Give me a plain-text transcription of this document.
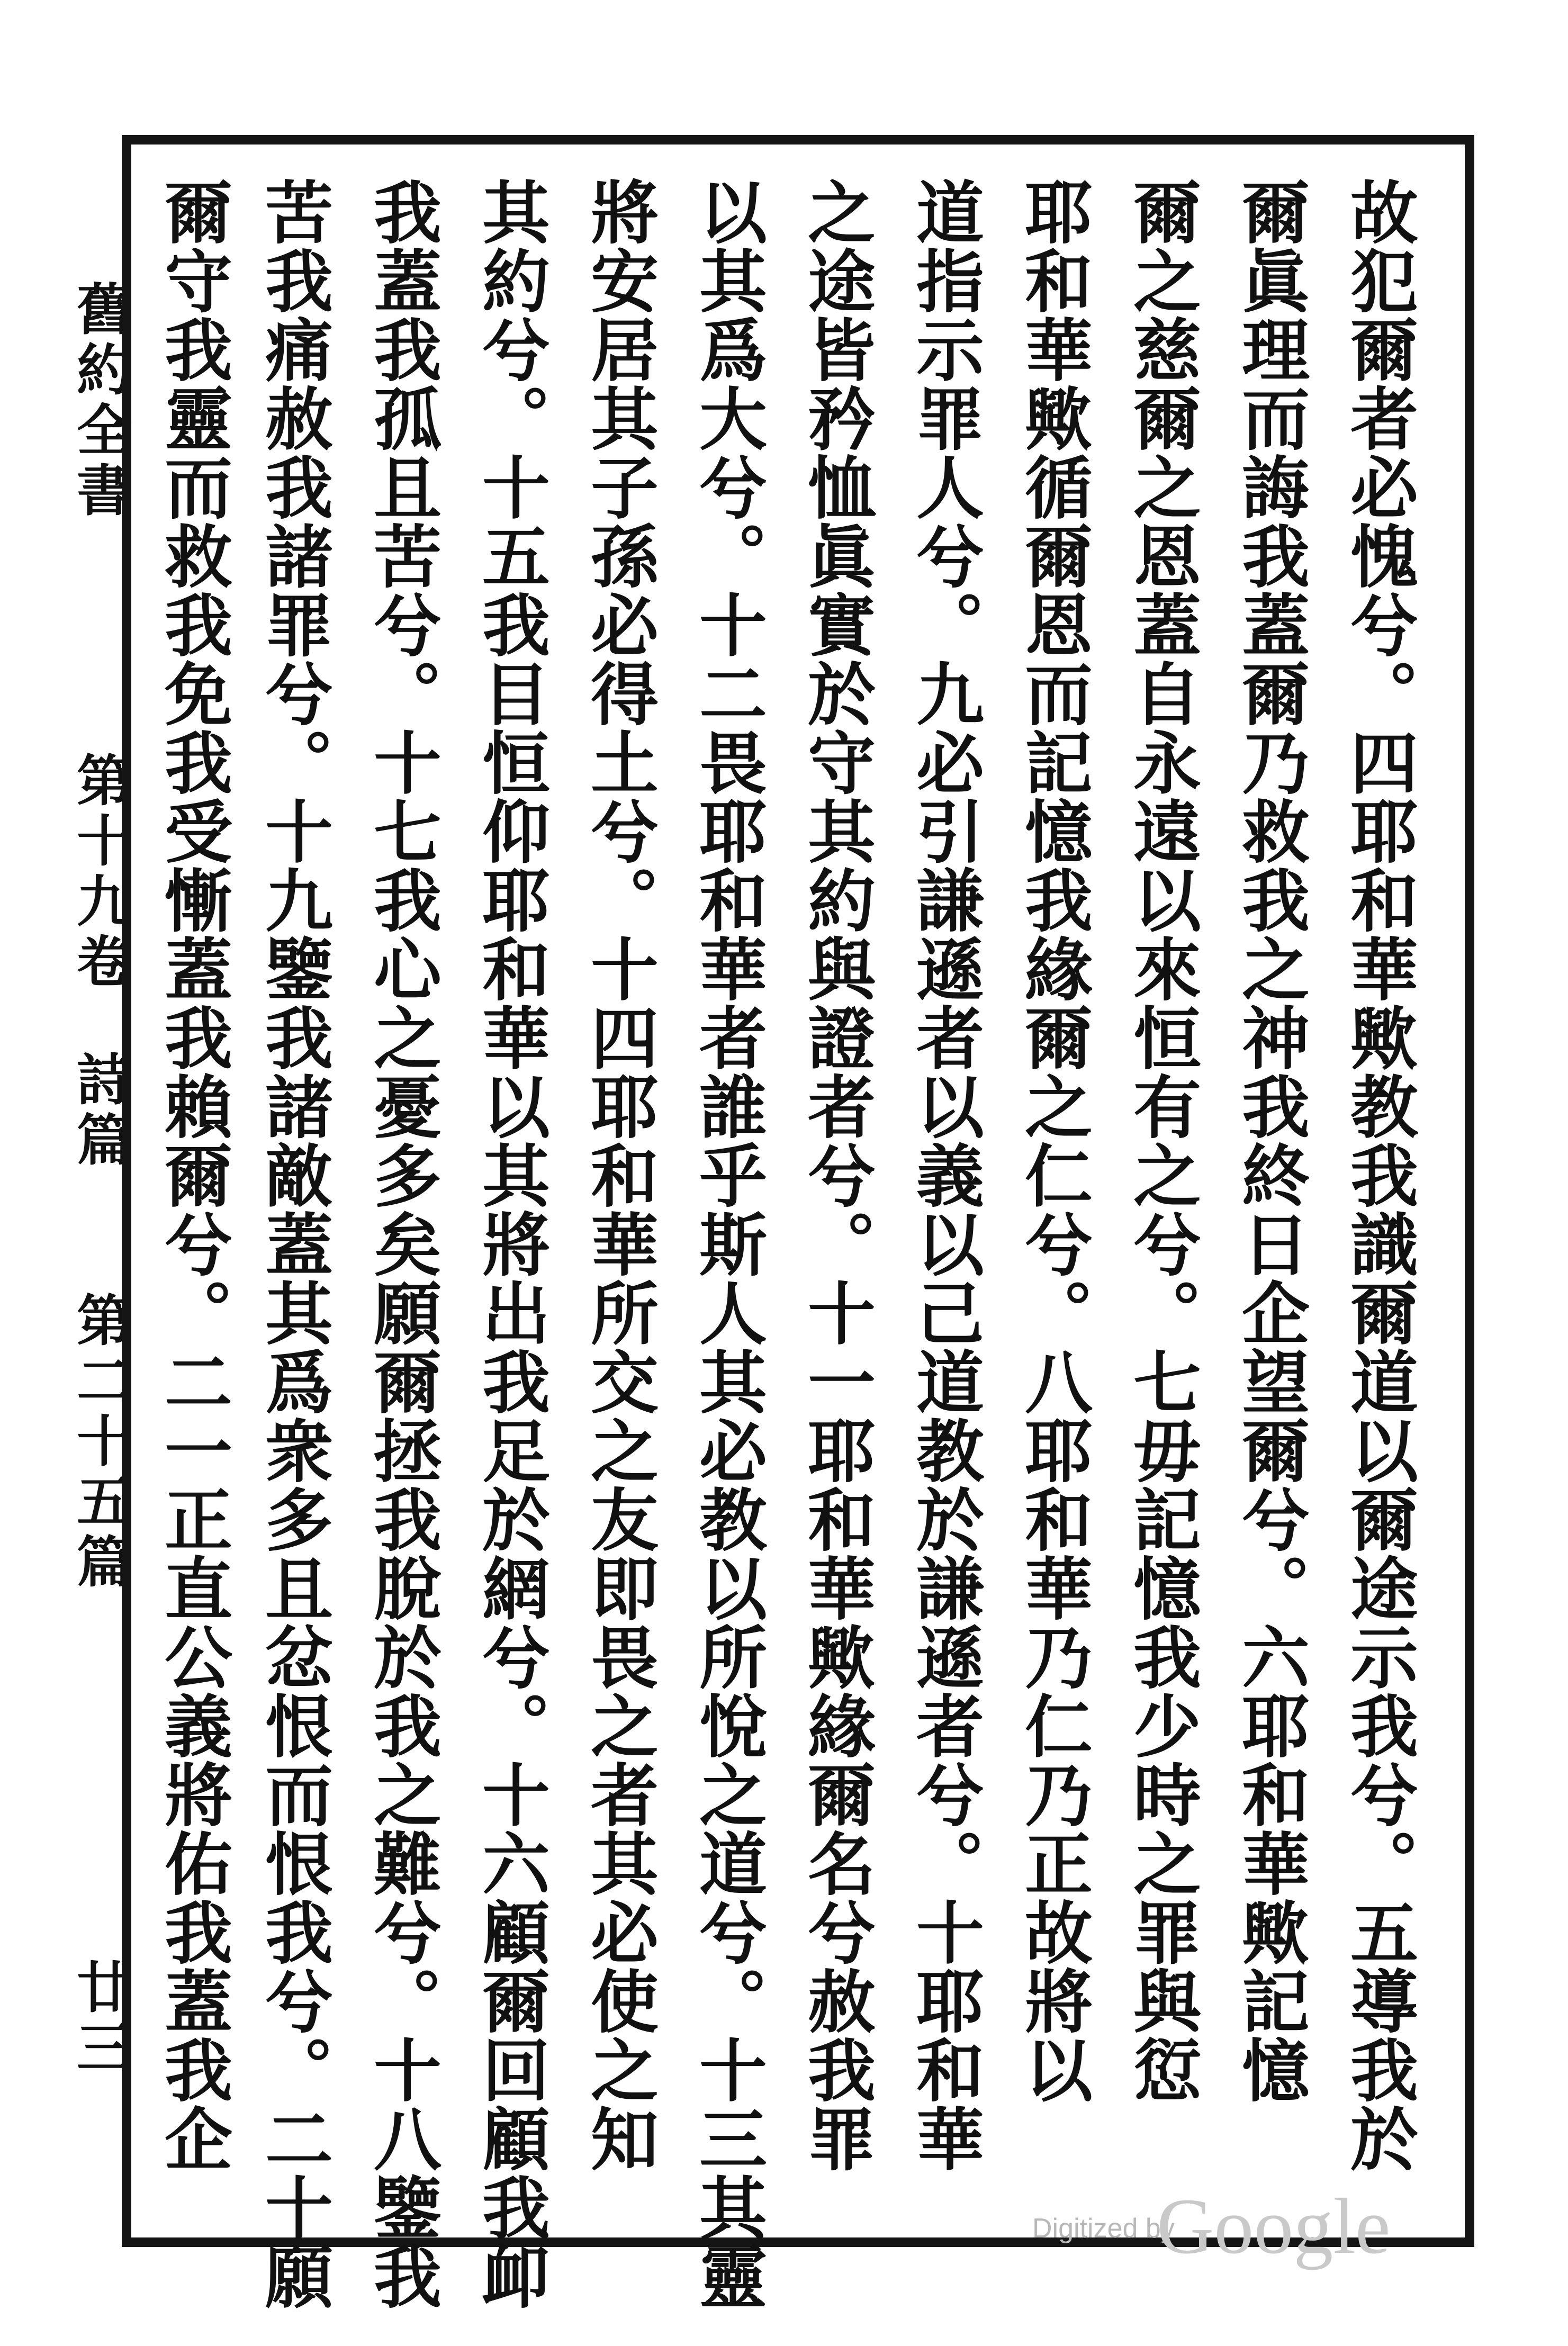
舊約全書
第十九卷
詩篇
第二十五篇
廿三	故犯爾者必愧兮。四耶和華歟教我識爾道以爾途示我兮。五導我於
爾眞理而誨我蓋爾乃救我之神我終日企望爾兮。六耶和華歟記憶
爾之慈爾之恩蓋自永遠以來恒有之兮。七毋記憶我少時之罪與愆
耶和華歟循爾恩而記憶我緣爾之仁兮。八耶和華乃仁乃正故將以
道指示罪人兮。九必引謙遜者以義以己道教於謙遜者兮。十耶和華
之途皆矜恤眞實於守其約與證者兮。十一耶和華歟緣爾名兮赦我罪
以其爲大兮。十二畏耶和華者誰乎斯人其必教以所悅之道兮。十三其靈
將安居其子孫必得土兮。十四耶和華所交之友即畏之者其必使之知
其約兮。十五我目恒仰耶和華以其將出我足於網兮。十六顧爾回顧我卹
我蓋我孤且苦兮。十七我心之憂多矣願爾拯我脫於我之難兮。十八鑒我
苦我痛赦我諸罪兮。十九鑒我諸敵蓋其爲衆多且忿恨而恨我兮。二十願
爾守我靈而救我免我受慚蓋我賴爾兮。二一正直公義將佑我蓋我企
Digitized by
Google
